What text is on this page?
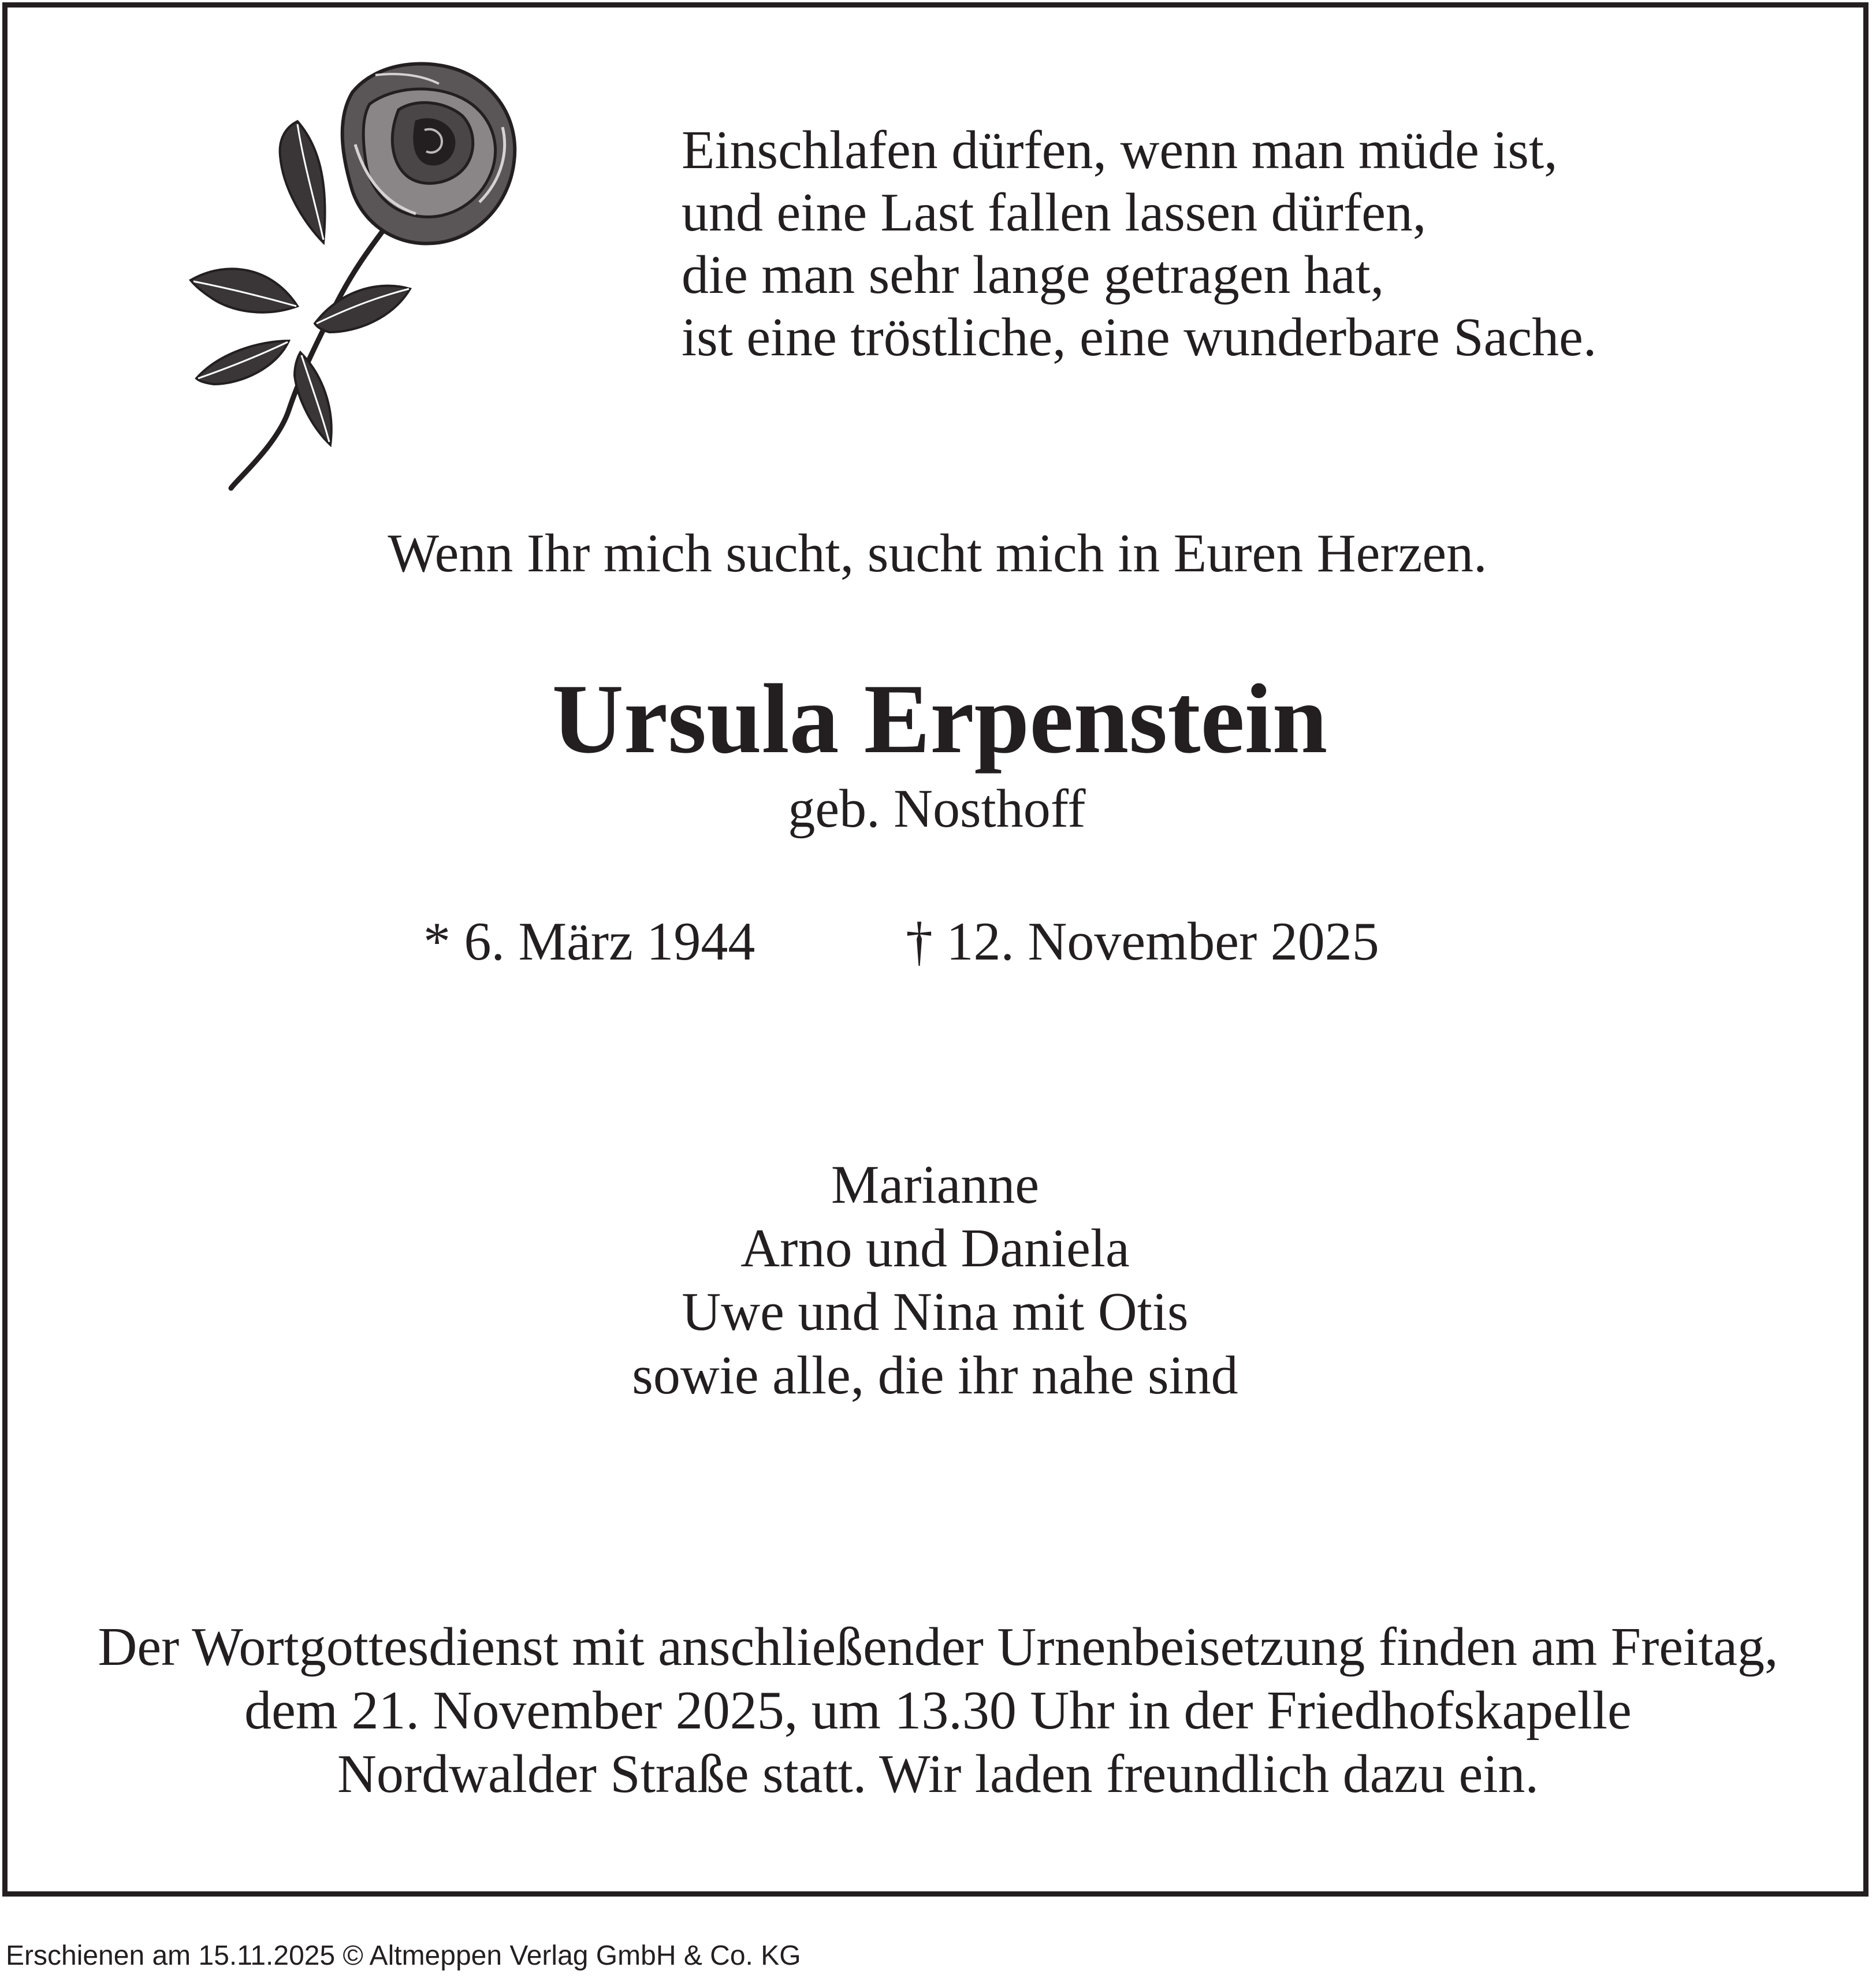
Einschlafen dürfen, wenn man müde ist,
und eine Last fallen lassen dürfen,
die man sehr lange getragen hat,
ist eine tröstliche, eine wunderbare Sache.
Wenn Ihr mich sucht, sucht mich in Euren Herzen.
Ursula Erpenstein
geb. Nosthoff
* 6. März 1944	† 12. November 2025
Marianne
Arno und Daniela
Uwe und Nina mit Otis
sowie alle, die ihr nahe sind
Der Wortgottesdienst mit anschließender Urnenbeisetzung finden am Freitag,
dem 21. November 2025, um 13.30 Uhr in der Friedhofskapelle
Nordwalder Straße statt. Wir laden freundlich dazu ein.
Erschienen am 15.11.2025 © Altmeppen Verlag GmbH & Co. KG
